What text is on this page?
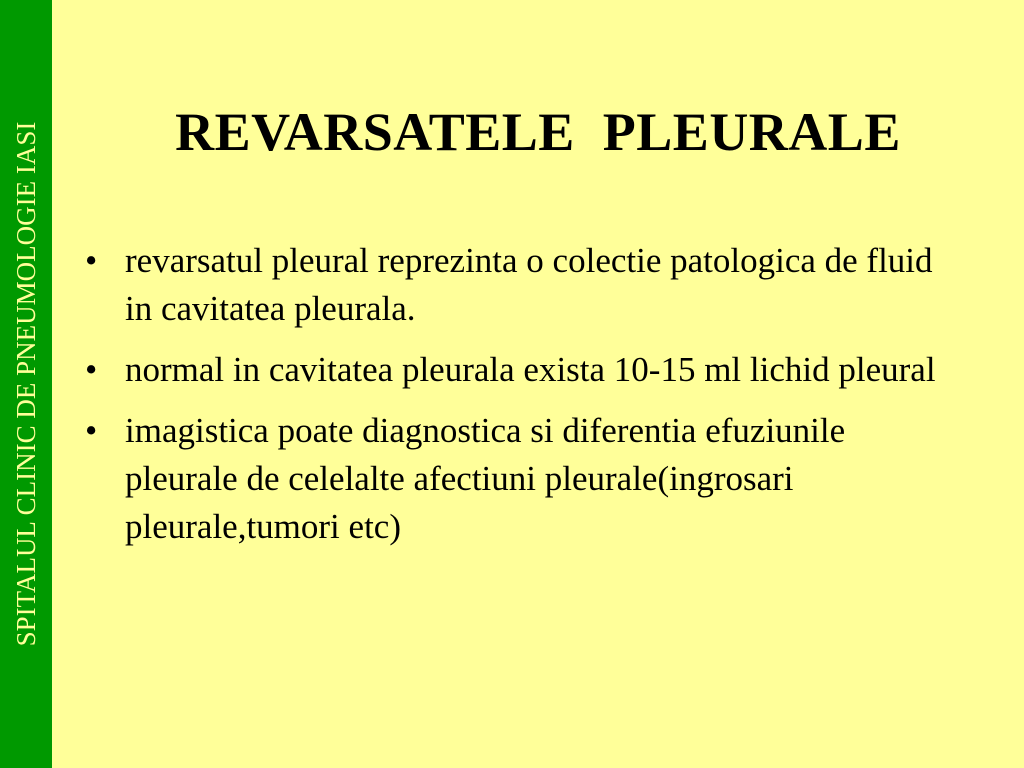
SPITALUL CLINIC DE PNEUMOLOGIE IASI	REVARSATELE  PLEURALE
• revarsatul pleural reprezinta o colectie patologica de fluid in cavitatea pleurala.
• normal in cavitatea pleurala exista 10-15 ml lichid pleural
• imagistica poate diagnostica si diferentia efuziunile pleurale de celelalte afectiuni pleurale(ingrosari pleurale,tumori etc)
